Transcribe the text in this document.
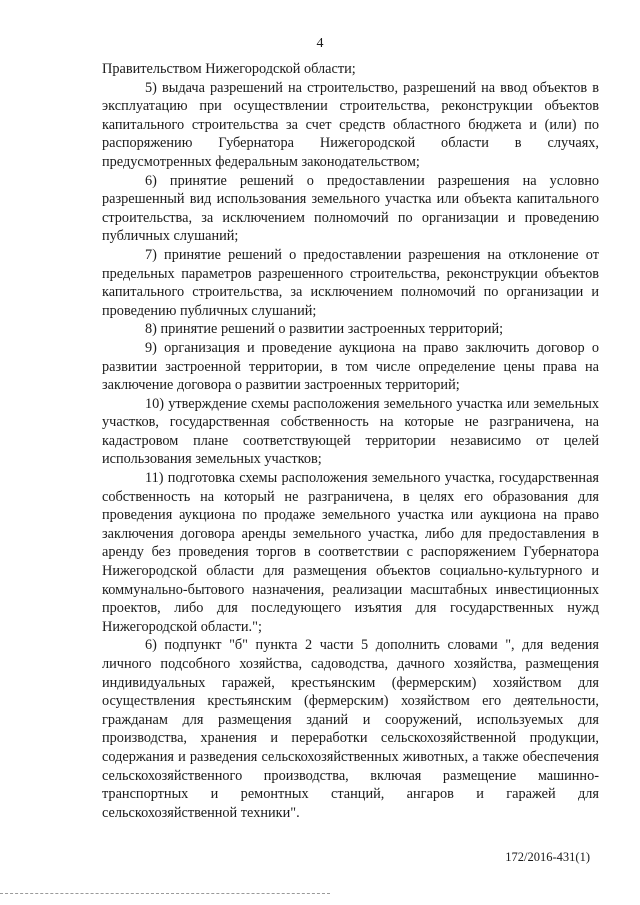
4

Правительством Нижегородской области;

5) выдача разрешений на строительство, разрешений на ввод объектов в эксплуатацию при осуществлении строительства, реконструкции объектов капитального строительства за счет средств областного бюджета и (или) по распоряжению Губернатора Нижегородской области в случаях, предусмотренных федеральным законодательством;

6) принятие решений о предоставлении разрешения на условно разрешенный вид использования земельного участка или объекта капитального строительства, за исключением полномочий по организации и проведению публичных слушаний;

7) принятие решений о предоставлении разрешения на отклонение от предельных параметров разрешенного строительства, реконструкции объектов капитального строительства, за исключением полномочий по организации и проведению публичных слушаний;

8) принятие решений о развитии застроенных территорий;

9) организация и проведение аукциона на право заключить договор о развитии застроенной территории, в том числе определение цены права на заключение договора о развитии застроенных территорий;

10) утверждение схемы расположения земельного участка или земельных участков, государственная собственность на которые не разграничена, на кадастровом плане соответствующей территории независимо от целей использования земельных участков;

11) подготовка схемы расположения земельного участка, государственная собственность на который не разграничена, в целях его образования для проведения аукциона по продаже земельного участка или аукциона на право заключения договора аренды земельного участка, либо для предоставления в аренду без проведения торгов в соответствии с распоряжением Губернатора Нижегородской области для размещения объектов социально-культурного и коммунально-бытового назначения, реализации масштабных инвестиционных проектов, либо для последующего изъятия для государственных нужд Нижегородской области.";

6) подпункт "б" пункта 2 части 5 дополнить словами ", для ведения личного подсобного хозяйства, садоводства, дачного хозяйства, размещения индивидуальных гаражей, крестьянским (фермерским) хозяйством для осуществления крестьянским (фермерским) хозяйством его деятельности, гражданам для размещения зданий и сооружений, используемых для производства, хранения и переработки сельскохозяйственной продукции, содержания и разведения сельскохозяйственных животных, а также обеспечения сельскохозяйственного производства, включая размещение машинно-транспортных и ремонтных станций, ангаров и гаражей для сельскохозяйственной техники".

172/2016-431(1)
